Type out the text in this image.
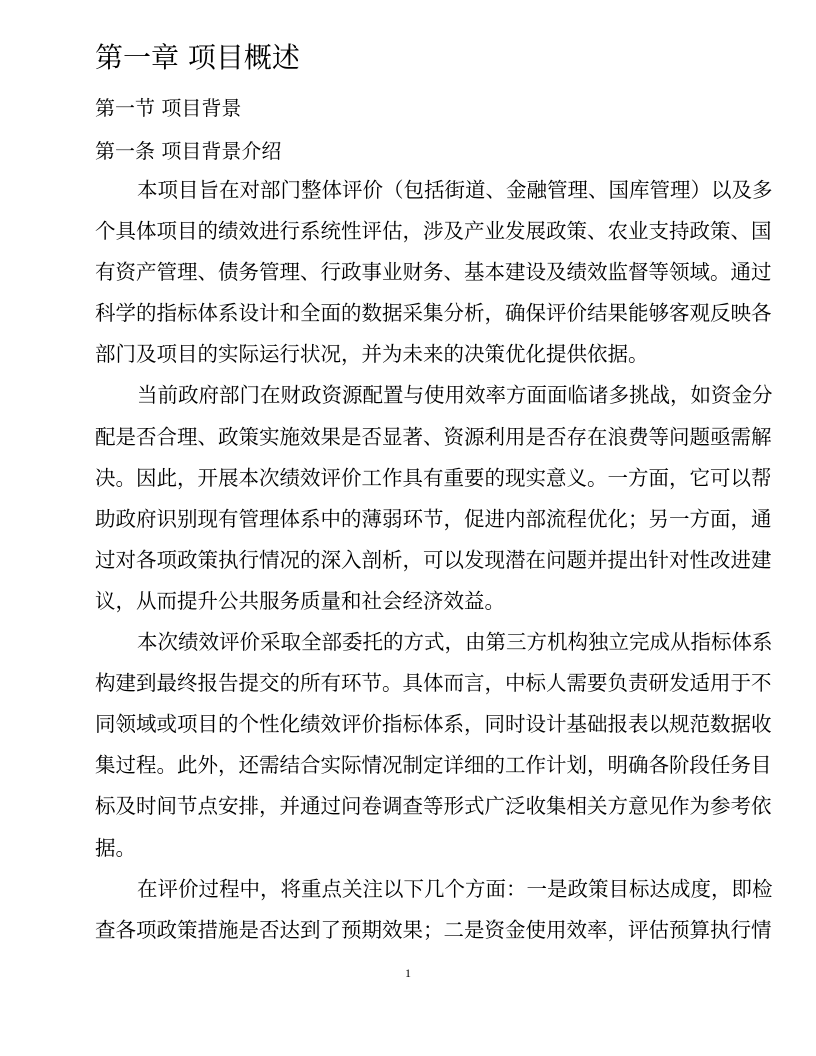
第一章 项目概述
第一节 项目背景
第一条 项目背景介绍
本项目旨在对部门整体评价（包括街道、金融管理、国库管理）以及多
个具体项目的绩效进行系统性评估，涉及产业发展政策、农业支持政策、国
有资产管理、债务管理、行政事业财务、基本建设及绩效监督等领域。通过
科学的指标体系设计和全面的数据采集分析，确保评价结果能够客观反映各
部门及项目的实际运行状况，并为未来的决策优化提供依据。
当前政府部门在财政资源配置与使用效率方面面临诸多挑战，如资金分
配是否合理、政策实施效果是否显著、资源利用是否存在浪费等问题亟需解
决。因此，开展本次绩效评价工作具有重要的现实意义。一方面，它可以帮
助政府识别现有管理体系中的薄弱环节，促进内部流程优化；另一方面，通
过对各项政策执行情况的深入剖析，可以发现潜在问题并提出针对性改进建
议，从而提升公共服务质量和社会经济效益。
本次绩效评价采取全部委托的方式，由第三方机构独立完成从指标体系
构建到最终报告提交的所有环节。具体而言，中标人需要负责研发适用于不
同领域或项目的个性化绩效评价指标体系，同时设计基础报表以规范数据收
集过程。此外，还需结合实际情况制定详细的工作计划，明确各阶段任务目
标及时间节点安排，并通过问卷调查等形式广泛收集相关方意见作为参考依
据。
在评价过程中，将重点关注以下几个方面：一是政策目标达成度，即检
查各项政策措施是否达到了预期效果；二是资金使用效率，评估预算执行情
1
